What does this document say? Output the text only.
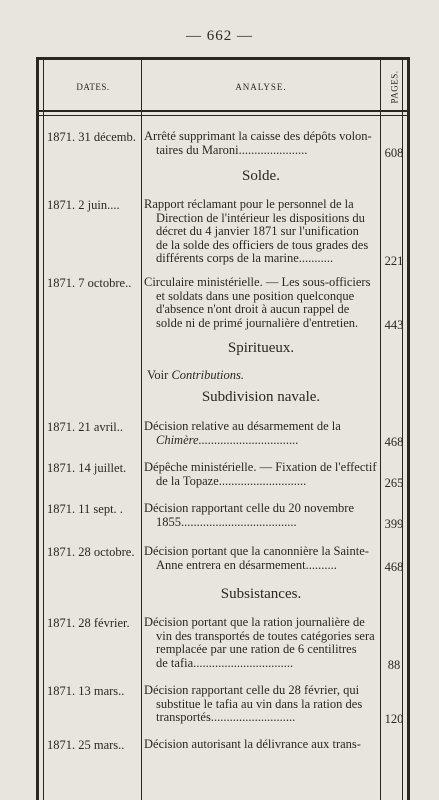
— 662 —
DATES.	ANALYSE.	PAGES.
1871. 31 décemb. Arrêté supprimant la caisse des dépôts volon-
taires du Maroni......................	608
Solde.
1871. 2 juin....	Rapport réclamant pour le personnel de la
Direction de l'intérieur les dispositions du
décret du 4 janvier 1871 sur l'unification
de la solde des officiers de tous grades des
différents corps de la marine...........	221
1871. 7 octobre..	Circulaire ministérielle. — Les sous-officiers
et soldats dans une position quelconque
d'absence n'ont droit à aucun rappel de
solde ni de primé journalière d'entretien.	443
Spiritueux.
Voir Contributions.
Subdivision navale.
1871. 21 avril..	Décision relative au désarmement de la
Chimère................................	468
1871. 14 juillet.	Dépêche ministérielle. — Fixation de l'effectif
de la Topaze............................	265
1871. 11 sept. .	Décision rapportant celle du 20 novembre
1855.....................................	399
1871. 28 octobre. Décision portant que la canonnière la Sainte-
Anne entrera en désarmement..........	468
Subsistances.
1871. 28 février.	Décision portant que la ration journalière de
vin des transportés de toutes catégories sera
remplacée par une ration de 6 centilitres
de tafia................................	88
1871. 13 mars..	Décision rapportant celle du 28 février, qui
substitue le tafia au vin dans la ration des
transportés...........................	120
1871. 25 mars..	Décision autorisant la délivrance aux trans-
